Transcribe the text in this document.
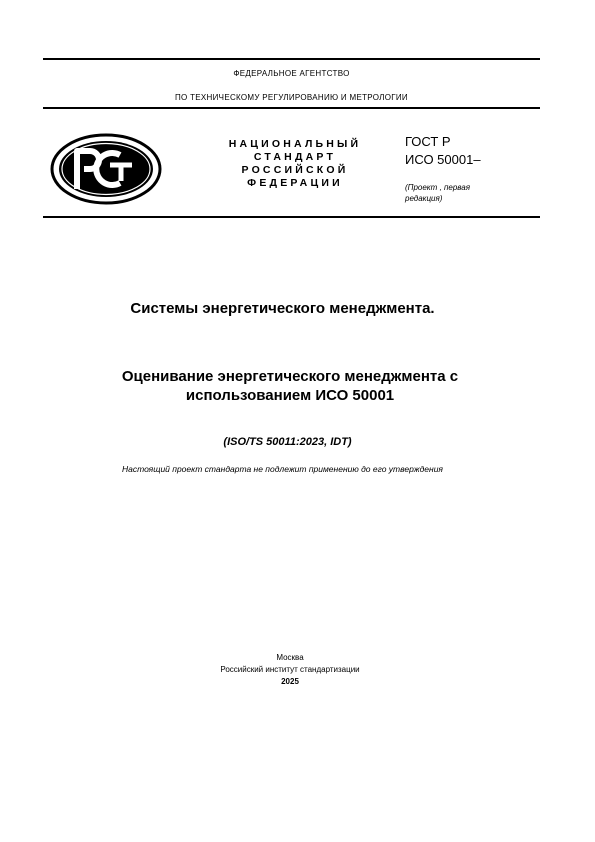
ФЕДЕРАЛЬНОЕ АГЕНТСТВО
ПО ТЕХНИЧЕСКОМУ РЕГУЛИРОВАНИЮ И МЕТРОЛОГИИ
НАЦИОНАЛЬНЫЙ
СТАНДАРТ
РОССИЙСКОЙ
ФЕДЕРАЦИИ
ГОСТ Р
ИСО 50001–
(Проект , первая редакция)
Системы энергетического менеджмента.
Оценивание энергетического менеджмента с
использованием ИСО 50001
(ISO/TS 50011:2023, IDT)
Настоящий проект стандарта не подлежит применению до его утверждения
Москва
Российский институт стандартизации
2025
